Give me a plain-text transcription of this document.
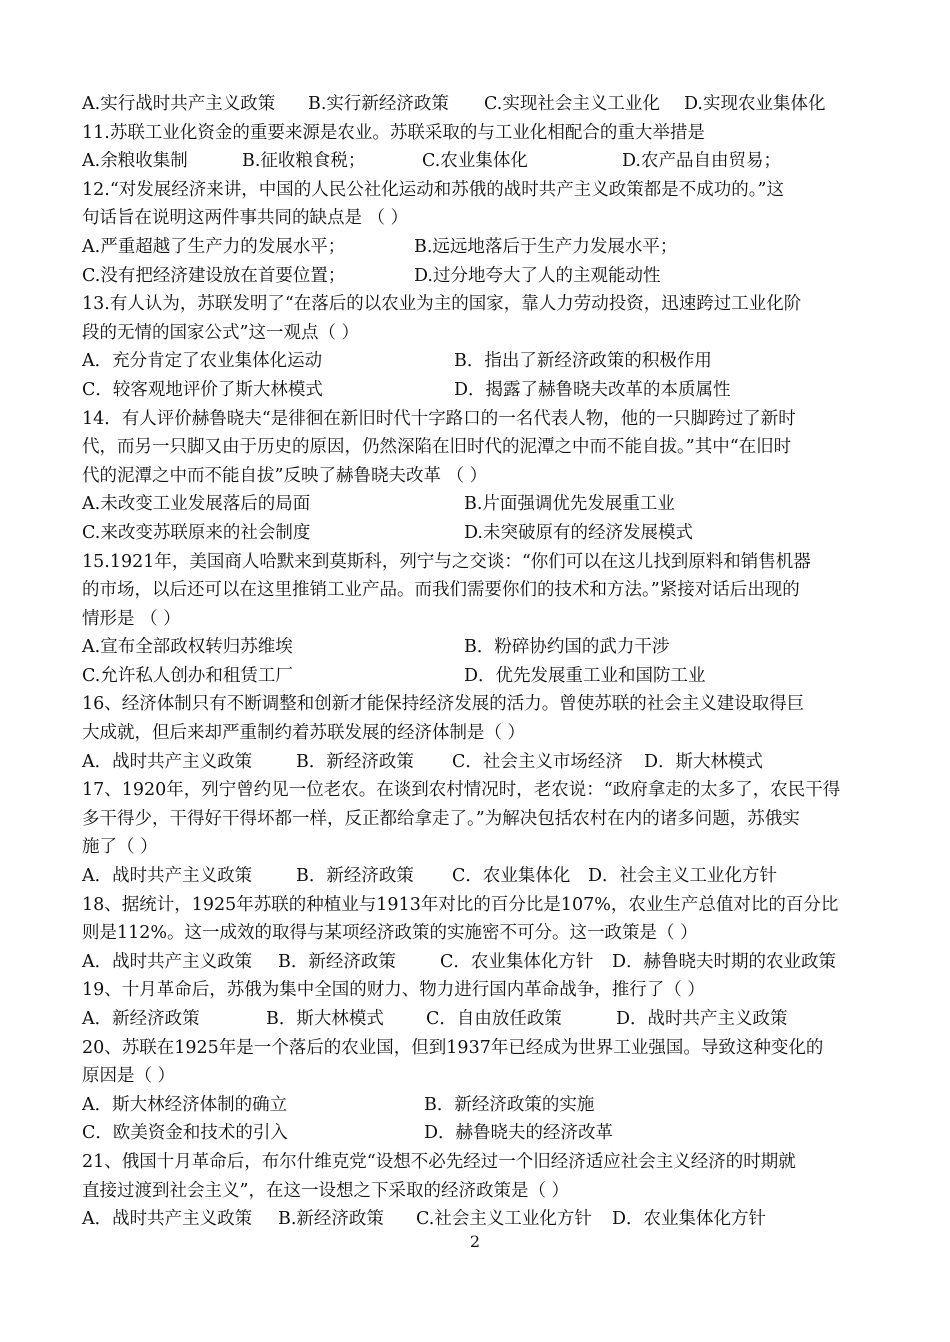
A.实行战时共产主义政策	B.实行新经济政策	C.实现社会主义工业化	D.实现农业集体化
11.苏联工业化资金的重要来源是农业。苏联采取的与工业化相配合的重大举措是
A.余粮收集制	B.征收粮食税；	C.农业集体化	D.农产品自由贸易；
12.“对发展经济来讲，中国的人民公社化运动和苏俄的战时共产主义政策都是不成功的。”这
句话旨在说明这两件事共同的缺点是 （ ）
A.严重超越了生产力的发展水平；	B.远远地落后于生产力发展水平；
C.没有把经济建设放在首要位置；	D.过分地夸大了人的主观能动性
13.有人认为，苏联发明了“在落后的以农业为主的国家，靠人力劳动投资，迅速跨过工业化阶
段的无情的国家公式”这一观点（ ）
A．充分肯定了农业集体化运动	B．指出了新经济政策的积极作用
C．较客观地评价了斯大林模式	D．揭露了赫鲁晓夫改革的本质属性
14．有人评价赫鲁晓夫“是徘徊在新旧时代十字路口的一名代表人物，他的一只脚跨过了新时
代，而另一只脚又由于历史的原因，仍然深陷在旧时代的泥潭之中而不能自拔。”其中“在旧时
代的泥潭之中而不能自拔”反映了赫鲁晓夫改革 （ ）
A.未改变工业发展落后的局面	B.片面强调优先发展重工业
C.来改变苏联原来的社会制度	D.未突破原有的经济发展模式
15.1921年，美国商人哈默来到莫斯科，列宁与之交谈：“你们可以在这儿找到原料和销售机器
的市场，以后还可以在这里推销工业产品。而我们需要你们的技术和方法。”紧接对话后出现的
情形是 （ ）
A.宣布全部政权转归苏维埃	B．粉碎协约国的武力干涉
C.允许私人创办和租赁工厂	D．优先发展重工业和国防工业
16、经济体制只有不断调整和创新才能保持经济发展的活力。曾使苏联的社会主义建设取得巨
大成就，但后来却严重制约着苏联发展的经济体制是（ ）
A．战时共产主义政策	B．新经济政策	C．社会主义市场经济	D．斯大林模式
17、1920年，列宁曾约见一位老农。在谈到农村情况时，老农说：“政府拿走的太多了，农民干得
多干得少，干得好干得坏都一样，反正都给拿走了。”为解决包括农村在内的诸多问题，苏俄实
施了（ ）
A．战时共产主义政策	B．新经济政策	C．农业集体化	D．社会主义工业化方针
18、据统计，1925年苏联的种植业与1913年对比的百分比是107%，农业生产总值对比的百分比
则是112%。这一成效的取得与某项经济政策的实施密不可分。这一政策是（ ）
A．战时共产主义政策	B．新经济政策	C．农业集体化方针	D．赫鲁晓夫时期的农业政策
19、十月革命后，苏俄为集中全国的财力、物力进行国内革命战争，推行了（ ）
A．新经济政策	B．斯大林模式	C．自由放任政策	D．战时共产主义政策
20、苏联在1925年是一个落后的农业国，但到1937年已经成为世界工业强国。导致这种变化的
原因是（ ）
A．斯大林经济体制的确立	B．新经济政策的实施
C．欧美资金和技术的引入	D．赫鲁晓夫的经济改革
21、俄国十月革命后，布尔什维克党“设想不必先经过一个旧经济适应社会主义经济的时期就
直接过渡到社会主义”，在这一设想之下采取的经济政策是（ ）
A．战时共产主义政策	B.新经济政策	C.社会主义工业化方针	D．农业集体化方针
2
